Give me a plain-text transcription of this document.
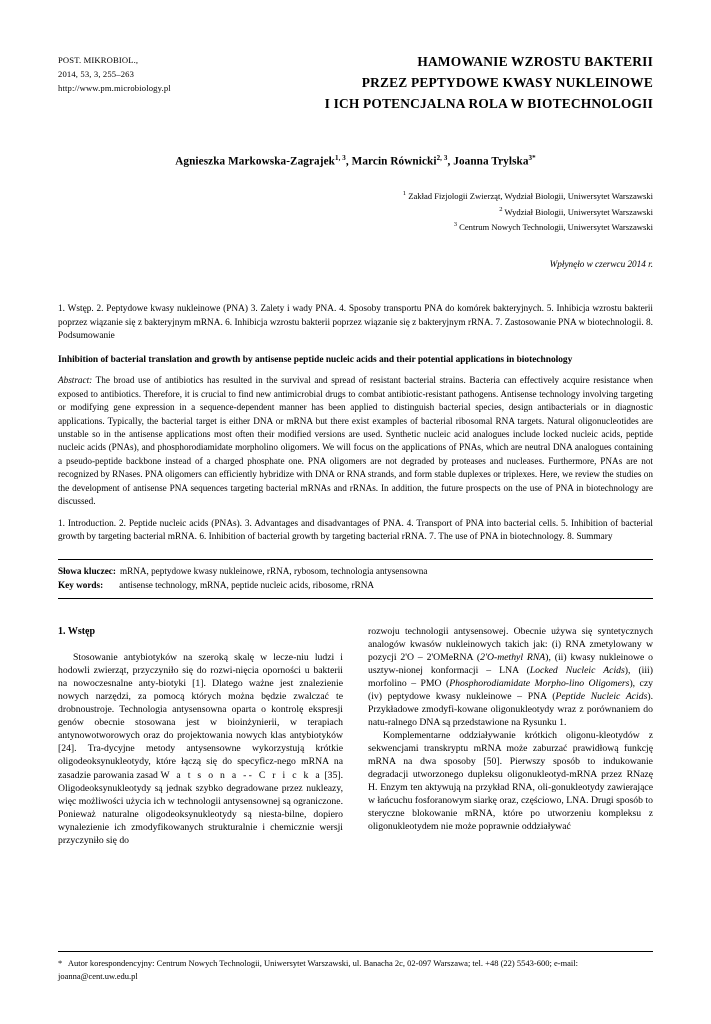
POST. MIKROBIOL.,
2014, 53, 3, 255–263
http://www.pm.microbiology.pl
HAMOWANIE WZROSTU BAKTERII
PRZEZ PEPTYDOWE KWASY NUKLEINOWE
I ICH POTENCJALNA ROLA W BIOTECHNOLOGII
Agnieszka Markowska-Zagrajek$^{1, 3}$, Marcin Równicki$^{2, 3}$, Joanna Trylska$^{3*}$
$^1$ Zakład Fizjologii Zwierząt, Wydział Biologii, Uniwersytet Warszawski
$^2$ Wydział Biologii, Uniwersytet Warszawski
$^3$ Centrum Nowych Technologii, Uniwersytet Warszawski
Wpłynęło w czerwcu 2014 r.
1. Wstęp. 2. Peptydowe kwasy nukleinowe (PNA) 3. Zalety i wady PNA. 4. Sposoby transportu PNA do komórek bakteryjnych. 5. Inhibicja wzrostu bakterii poprzez wiązanie się z bakteryjnym mRNA. 6. Inhibicja wzrostu bakterii poprzez wiązanie się z bakteryjnym rRNA. 7. Zastosowanie PNA w biotechnologii. 8. Podsumowanie
Inhibition of bacterial translation and growth by antisense peptide nucleic acids and their potential applications in biotechnology
Abstract: The broad use of antibiotics has resulted in the survival and spread of resistant bacterial strains. Bacteria can effectively acquire resistance when exposed to antibiotics. Therefore, it is crucial to find new antimicrobial drugs to combat antibiotic-resistant pathogens. Antisense technology involving targeting or modifying gene expression in a sequence-dependent manner has been applied to distinguish bacterial species, design antibacterials or in diagnostic applications. Typically, the bacterial target is either DNA or mRNA but there exist examples of bacterial ribosomal RNA targets. Natural oligonucleotides are unstable so in the antisense applications most often their modified versions are used. Synthetic nucleic acid analogues include locked nucleic acids, peptide nucleic acids (PNAs), and phosphorodiamidate morpholino oligomers. We will focus on the applications of PNAs, which are neutral DNA analogues containing a pseudo-peptide backbone instead of a charged phosphate one. PNA oligomers are not degraded by proteases and nucleases. Furthermore, PNAs are not recognized by RNases. PNA oligomers can efficiently hybridize with DNA or RNA strands, and form stable duplexes or triplexes. Here, we review the studies on the development of antisense PNA sequences targeting bacterial mRNAs and rRNAs. In addition, the future prospects on the use of PNA in biotechnology are discussed.
1. Introduction. 2. Peptide nucleic acids (PNAs). 3. Advantages and disadvantages of PNA. 4. Transport of PNA into bacterial cells. 5. Inhibition of bacterial growth by targeting bacterial mRNA. 6. Inhibition of bacterial growth by targeting bacterial rRNA. 7. The use of PNA in biotechnology. 8. Summary
Słowa kluczec: mRNA, peptydowe kwasy nukleinowe, rRNA, rybosom, technologia antysensowna
Key words:	antisense technology, mRNA, peptide nucleic acids, ribosome, rRNA
1. Wstęp

Stosowanie antybiotyków na szeroką skalę w lecze-niu ludzi i hodowli zwierząt, przyczyniło się do rozwi-nięcia oporności u bakterii na nowoczesnalne anty-biotyki [1]. Dlatego ważne jest znalezienie nowych narzędzi, za pomocą których można będzie zwalczać te drobnoustroje. Technologia antysensowna oparta o kontrolę ekspresji genów obecnie stosowana jest w bioinżynierii, w terapiach antynowotworowych oraz do projektowania nowych klas antybiotyków [24]. Tra-dycyjne metody antysensowne wykorzystują krótkie oligodeoksynukleotydy, które łączą się do specyficz-nego mRNA na zasadzie parowania zasad W a t s o n a -- C r i c k a [35]. Oligodeoksynukleotydy są jednak szybko degradowane przez nukleazy, więc możliwości użycia ich w technologii antysensownej są ograniczone. Ponieważ naturalne oligodeoksynukleotydy są niesta-bilne, dopiero wynalezienie ich zmodyfikowanych strukturalnie i chemicznie wersji przyczyniło się do

rozwoju technologii antysensowej. Obecnie używa się syntetycznych analogów kwasów nukleinowych takich jak: (i) RNA zmetylowany w pozycji 2'O – 2'OMeRNA (2'O-methyl RNA), (ii) kwasy nukleinowe o usztyw-nionej konformacji – LNA (Locked Nucleic Acids), (iii) morfolino – PMO (Phosphorodiamidate Morpho-lino Oligomers), czy (iv) peptydowe kwasy nukleinowe – PNA (Peptide Nucleic Acids). Przykładowe zmodyfi-kowane oligonukleotydy wraz z porównaniem do natu-ralnego DNA są przedstawione na Rysunku 1.

Komplementarne oddziaływanie krótkich oligonu-kleotydów z sekwencjami transkryptu mRNA może zaburzać prawidłową funkcję mRNA na dwa sposoby [50]. Pierwszy sposób to indukowanie degradacji utworzonego dupleksu oligonukleotyd-mRNA przez RNazę H. Enzym ten aktywują na przykład RNA, oli-gonukleotydy zawierające w łańcuchu fosforanowym siarkę oraz, częściowo, LNA. Drugi sposób to steryczne blokowanie mRNA, które po utworzeniu kompleksu z oligonukleotydem nie może poprawnie oddziaływać

* Autor korespondencyjny: Centrum Nowych Technologii, Uniwersytet Warszawski, ul. Banacha 2c, 02-097 Warszawa; tel. +48 (22) 5543-600; e-mail: joanna@cent.uw.edu.pl
